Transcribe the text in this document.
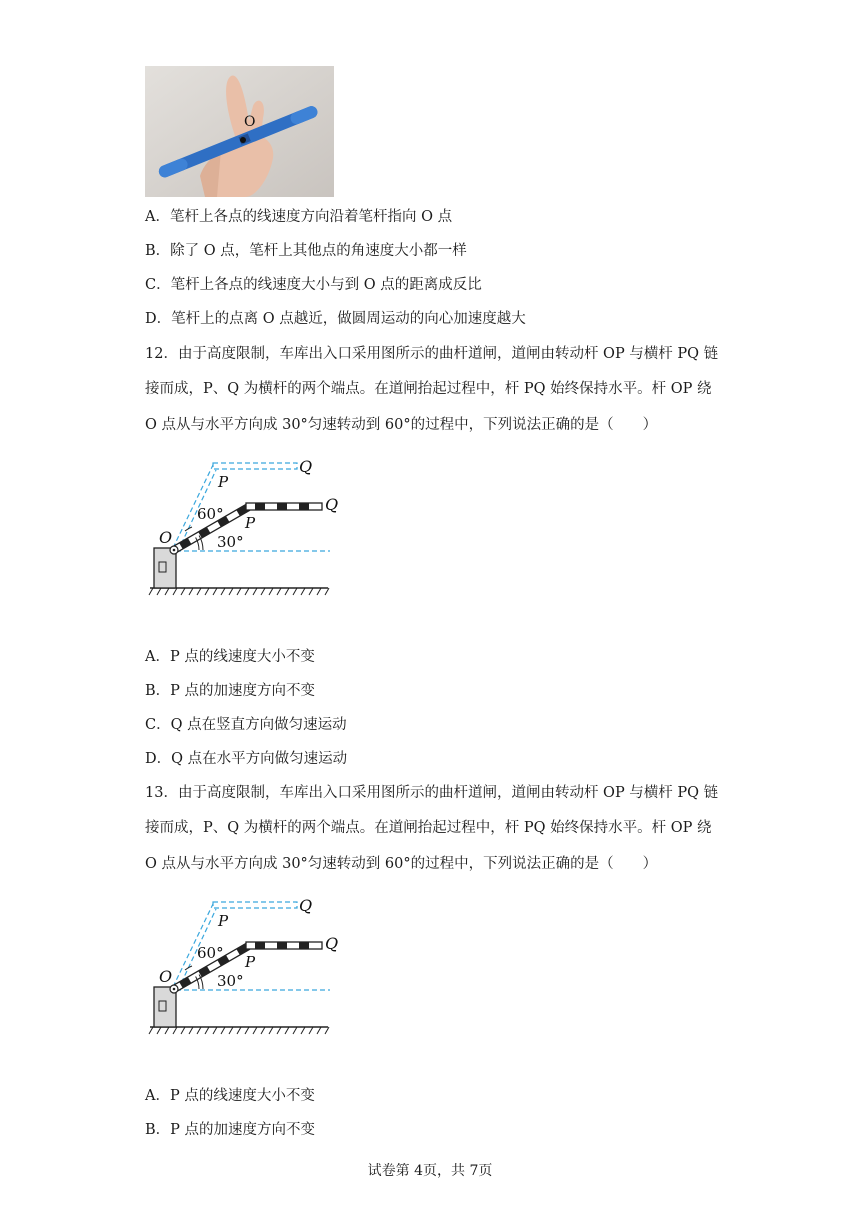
O
A．笔杆上各点的线速度方向沿着笔杆指向 O 点
B．除了 O 点，笔杆上其他点的角速度大小都一样
C．笔杆上各点的线速度大小与到 O 点的距离成反比
D．笔杆上的点离 O 点越近，做圆周运动的向心加速度越大
12．由于高度限制，车库出入口采用图所示的曲杆道闸，道闸由转动杆 OP 与横杆 PQ 链
接而成，P、Q 为横杆的两个端点。在道闸抬起过程中，杆 PQ 始终保持水平。杆 OP 绕
O 点从与水平方向成 30°匀速转动到 60°的过程中，下列说法正确的是（　　）
O
P
Q
P
Q
60°
30°
A．P 点的线速度大小不变
B．P 点的加速度方向不变
C．Q 点在竖直方向做匀速运动
D．Q 点在水平方向做匀速运动
13．由于高度限制，车库出入口采用图所示的曲杆道闸，道闸由转动杆 OP 与横杆 PQ 链
接而成，P、Q 为横杆的两个端点。在道闸抬起过程中，杆 PQ 始终保持水平。杆 OP 绕
O 点从与水平方向成 30°匀速转动到 60°的过程中，下列说法正确的是（　　）
O
P
Q
P
Q
60°
30°
A．P 点的线速度大小不变
B．P 点的加速度方向不变
试卷第 4页，共 7页
